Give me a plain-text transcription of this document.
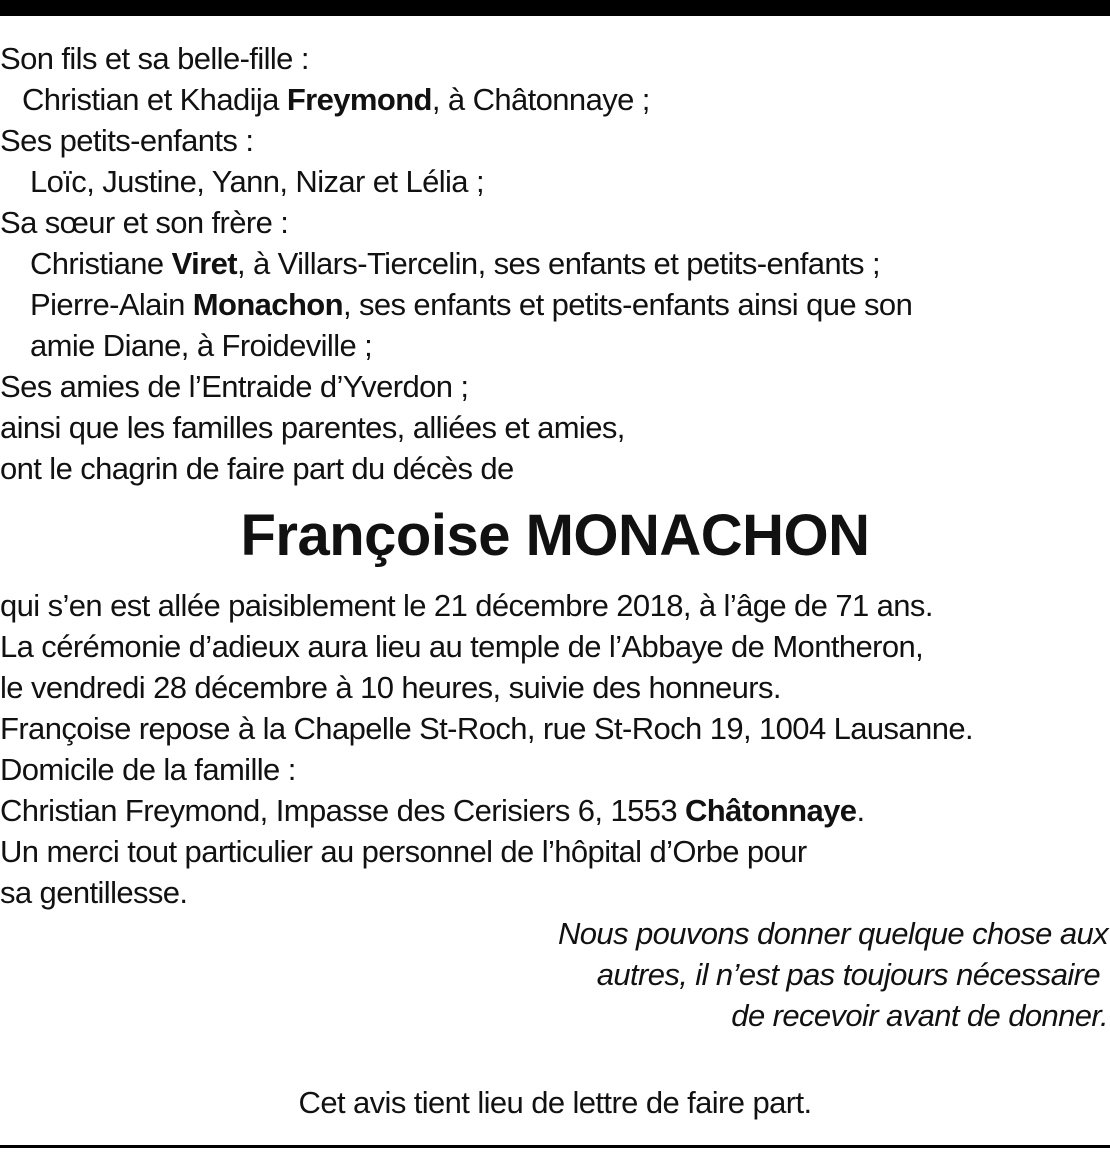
Son fils et sa belle-fille :
Christian et Khadija Freymond, à Châtonnaye ;
Ses petits-enfants :
Loïc, Justine, Yann, Nizar et Lélia ;
Sa sœur et son frère :
Christiane Viret, à Villars-Tiercelin, ses enfants et petits-enfants ;
Pierre-Alain Monachon, ses enfants et petits-enfants ainsi que son
amie Diane, à Froideville ;
Ses amies de l’Entraide d’Yverdon ;
ainsi que les familles parentes, alliées et amies,
ont le chagrin de faire part du décès de
Françoise MONACHON
qui s’en est allée paisiblement le 21 décembre 2018, à l’âge de 71 ans.
La cérémonie d’adieux aura lieu au temple de l’Abbaye de Montheron,
le vendredi 28 décembre à 10 heures, suivie des honneurs.
Françoise repose à la Chapelle St-Roch, rue St-Roch 19, 1004 Lausanne.
Domicile de la famille :
Christian Freymond, Impasse des Cerisiers 6, 1553 Châtonnaye.
Un merci tout particulier au personnel de l’hôpital d’Orbe pour
sa gentillesse.
Nous pouvons donner quelque chose aux
autres, il n’est pas toujours nécessaire
de recevoir avant de donner.
Cet avis tient lieu de lettre de faire part.
